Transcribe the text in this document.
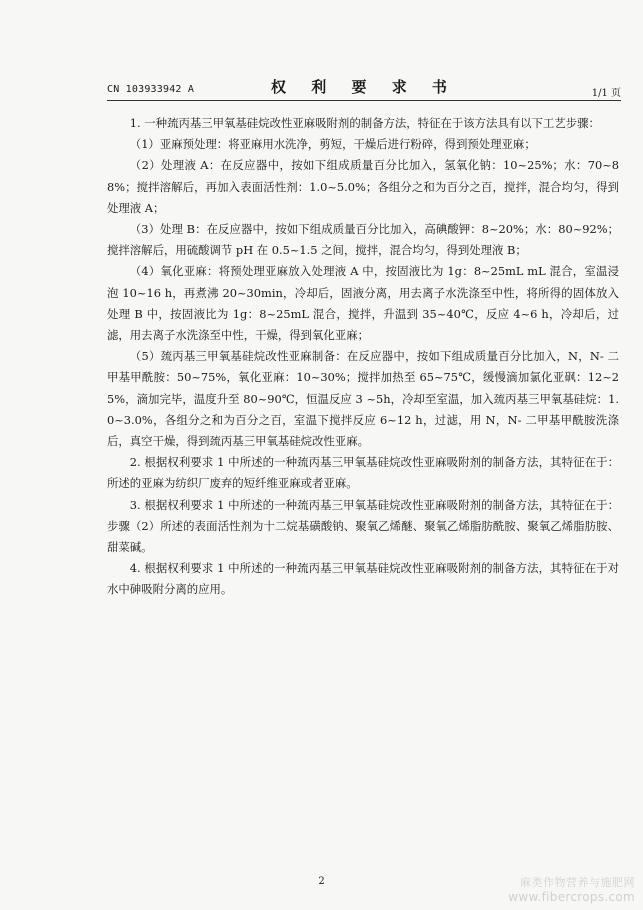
CN 103933942 A	权 利 要 求 书	1/1 页

1. 一种巯丙基三甲氧基硅烷改性亚麻吸附剂的制备方法，特征在于该方法具有以下工艺步骤：

（1）亚麻预处理：将亚麻用水洗净，剪短，干燥后进行粉碎，得到预处理亚麻；

（2）处理液 A：在反应器中，按如下组成质量百分比加入，氢氧化钠：10~25%；水：70~88%；搅拌溶解后，再加入表面活性剂：1.0~5.0%；各组分之和为百分之百，搅拌，混合均匀，得到处理液 A；

（3）处理 B：在反应器中，按如下组成质量百分比加入，高碘酸钾：8~20%；水：80~92%；搅拌溶解后，用硫酸调节 pH 在 0.5~1.5 之间，搅拌，混合均匀，得到处理液 B；

（4）氧化亚麻：将预处理亚麻放入处理液 A 中，按固液比为 1g：8~25mL mL 混合，室温浸泡 10~16 h，再煮沸 20~30min，冷却后，固液分离，用去离子水洗涤至中性，将所得的固体放入处理 B 中，按固液比为 1g：8~25mL 混合，搅拌，升温到 35~40℃，反应 4~6 h，冷却后，过滤，用去离子水洗涤至中性，干燥，得到氧化亚麻；

（5）巯丙基三甲氧基硅烷改性亚麻制备：在反应器中，按如下组成质量百分比加入，N，N- 二甲基甲酰胺：50~75%，氧化亚麻：10~30%；搅拌加热至 65~75℃，缓慢滴加氯化亚砜：12~25%，滴加完毕，温度升至 80~90℃，恒温反应 3 ~5h，冷却至室温，加入巯丙基三甲氧基硅烷：1.0~3.0%，各组分之和为百分之百，室温下搅拌反应 6~12 h，过滤，用 N，N- 二甲基甲酰胺洗涤后，真空干燥，得到巯丙基三甲氧基硅烷改性亚麻。

2. 根据权利要求 1 中所述的一种巯丙基三甲氧基硅烷改性亚麻吸附剂的制备方法，其特征在于：所述的亚麻为纺织厂废弃的短纤维亚麻或者亚麻。

3. 根据权利要求 1 中所述的一种巯丙基三甲氧基硅烷改性亚麻吸附剂的制备方法，其特征在于：步骤（2）所述的表面活性剂为十二烷基磺酸钠、聚氧乙烯醚、聚氧乙烯脂肪酰胺、聚氧乙烯脂肪胺、甜菜碱。

4. 根据权利要求 1 中所述的一种巯丙基三甲氧基硅烷改性亚麻吸附剂的制备方法，其特征在于对水中砷吸附分离的应用。

2	麻类作物营养与施肥网
www.fibercrops.com
